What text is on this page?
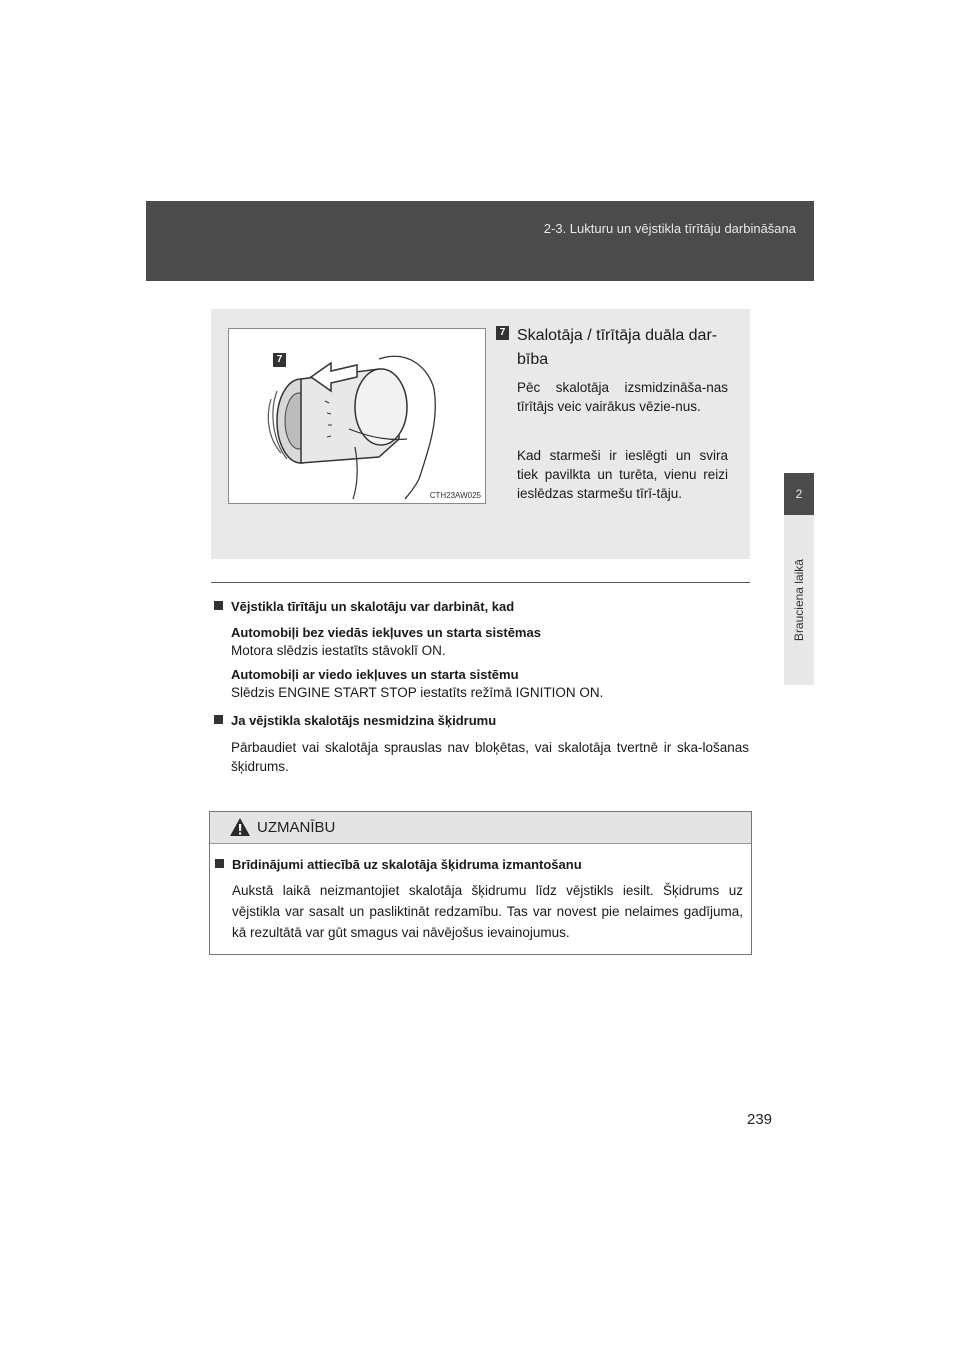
2-3. Lukturu un vējstikla tīrītāju darbināšana
2
Brauciena laikā
7
CTH23AW025
7 Skalotāja / tīrītāja duāla dar-
bība
Pēc skalotāja izsmidzināša-nas tīrītājs veic vairākus vēzie-nus.
Kad starmeši ir ieslēgti un svira tiek pavilkta un turēta, vienu reizi ieslēdzas starmešu tīrī-tāju.
Vējstikla tīrītāju un skalotāju var darbināt, kad
Automobiļi bez viedās iekļuves un starta sistēmas
Motora slēdzis iestatīts stāvoklī ON.
Automobiļi ar viedo iekļuves un starta sistēmu
Slēdzis ENGINE START STOP iestatīts režīmā IGNITION ON.
Ja vējstikla skalotājs nesmidzina šķidrumu
Pārbaudiet vai skalotāja sprauslas nav bloķētas, vai skalotāja tvertnē ir ska-lošanas šķidrums.
UZMANĪBU
Brīdinājumi attiecībā uz skalotāja šķidruma izmantošanu
Aukstā laikā neizmantojiet skalotāja šķidrumu līdz vējstikls iesilt. Šķidrums uz vējstikla var sasalt un pasliktināt redzamību. Tas var novest pie nelaimes gadījuma, kā rezultātā var gūt smagus vai nāvējošus ievainojumus.
239
